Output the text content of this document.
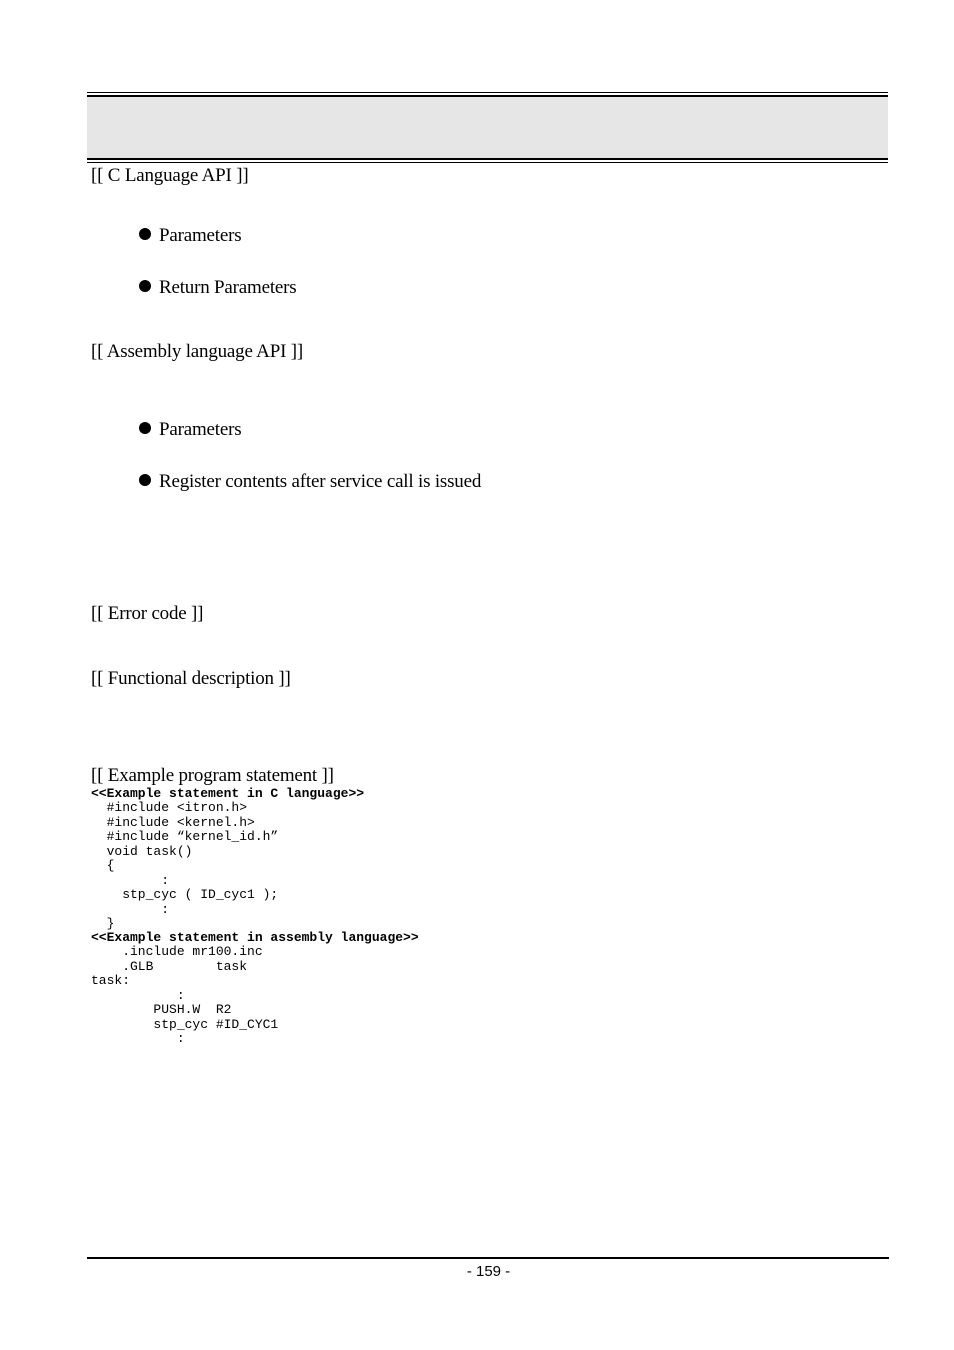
[[ C Language API ]]
Parameters
Return Parameters
[[ Assembly language API ]]
Parameters
Register contents after service call is issued
[[ Error code ]]
[[ Functional description ]]
[[ Example program statement ]]
<<Example statement in C language>>
#include <itron.h>
#include <kernel.h>
#include “kernel_id.h”
void task()
{
:
stp_cyc ( ID_cyc1 );
:
}
<<Example statement in assembly language>>
.include mr100.inc
.GLB        task
task:
:
PUSH.W  R2
stp_cyc #ID_CYC1
:
- 159 -
